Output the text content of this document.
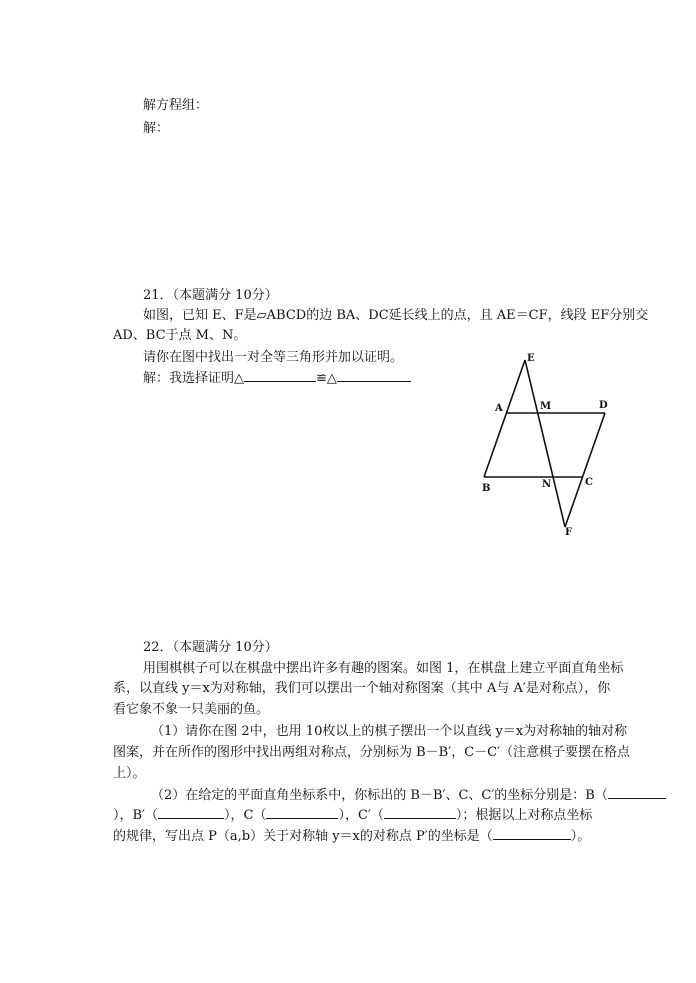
解方程组：
解：
21．（本题满分 10分）
如图，已知 E、F是▱ABCD的边 BA、DC延长线上的点，且 AE＝CF，线段 EF分别交
AD、BC于点 M、N。
请你在图中找出一对全等三角形并加以证明。
解：我选择证明△	≌△
E
A	M	D
B	N	C
F
22．（本题满分 10分）
用围棋棋子可以在棋盘中摆出许多有趣的图案。如图 1，在棋盘上建立平面直角坐标
系，以直线 y＝x为对称轴，我们可以摆出一个轴对称图案（其中 A与 A′是对称点），你
看它象不象一只美丽的鱼。
（1）请你在图 2中，也用 10枚以上的棋子摆出一个以直线 y＝x为对称轴的轴对称
图案，并在所作的图形中找出两组对称点，分别标为 B－B′，C－C′（注意棋子要摆在格点
上）。
（2）在给定的平面直角坐标系中，你标出的 B－B′、C、C′的坐标分别是：B（
），B′（	），C（	），C′（	）；根据以上对称点坐标
的规律，写出点 P（a,b）关于对称轴 y＝x的对称点 P′的坐标是（	）。
